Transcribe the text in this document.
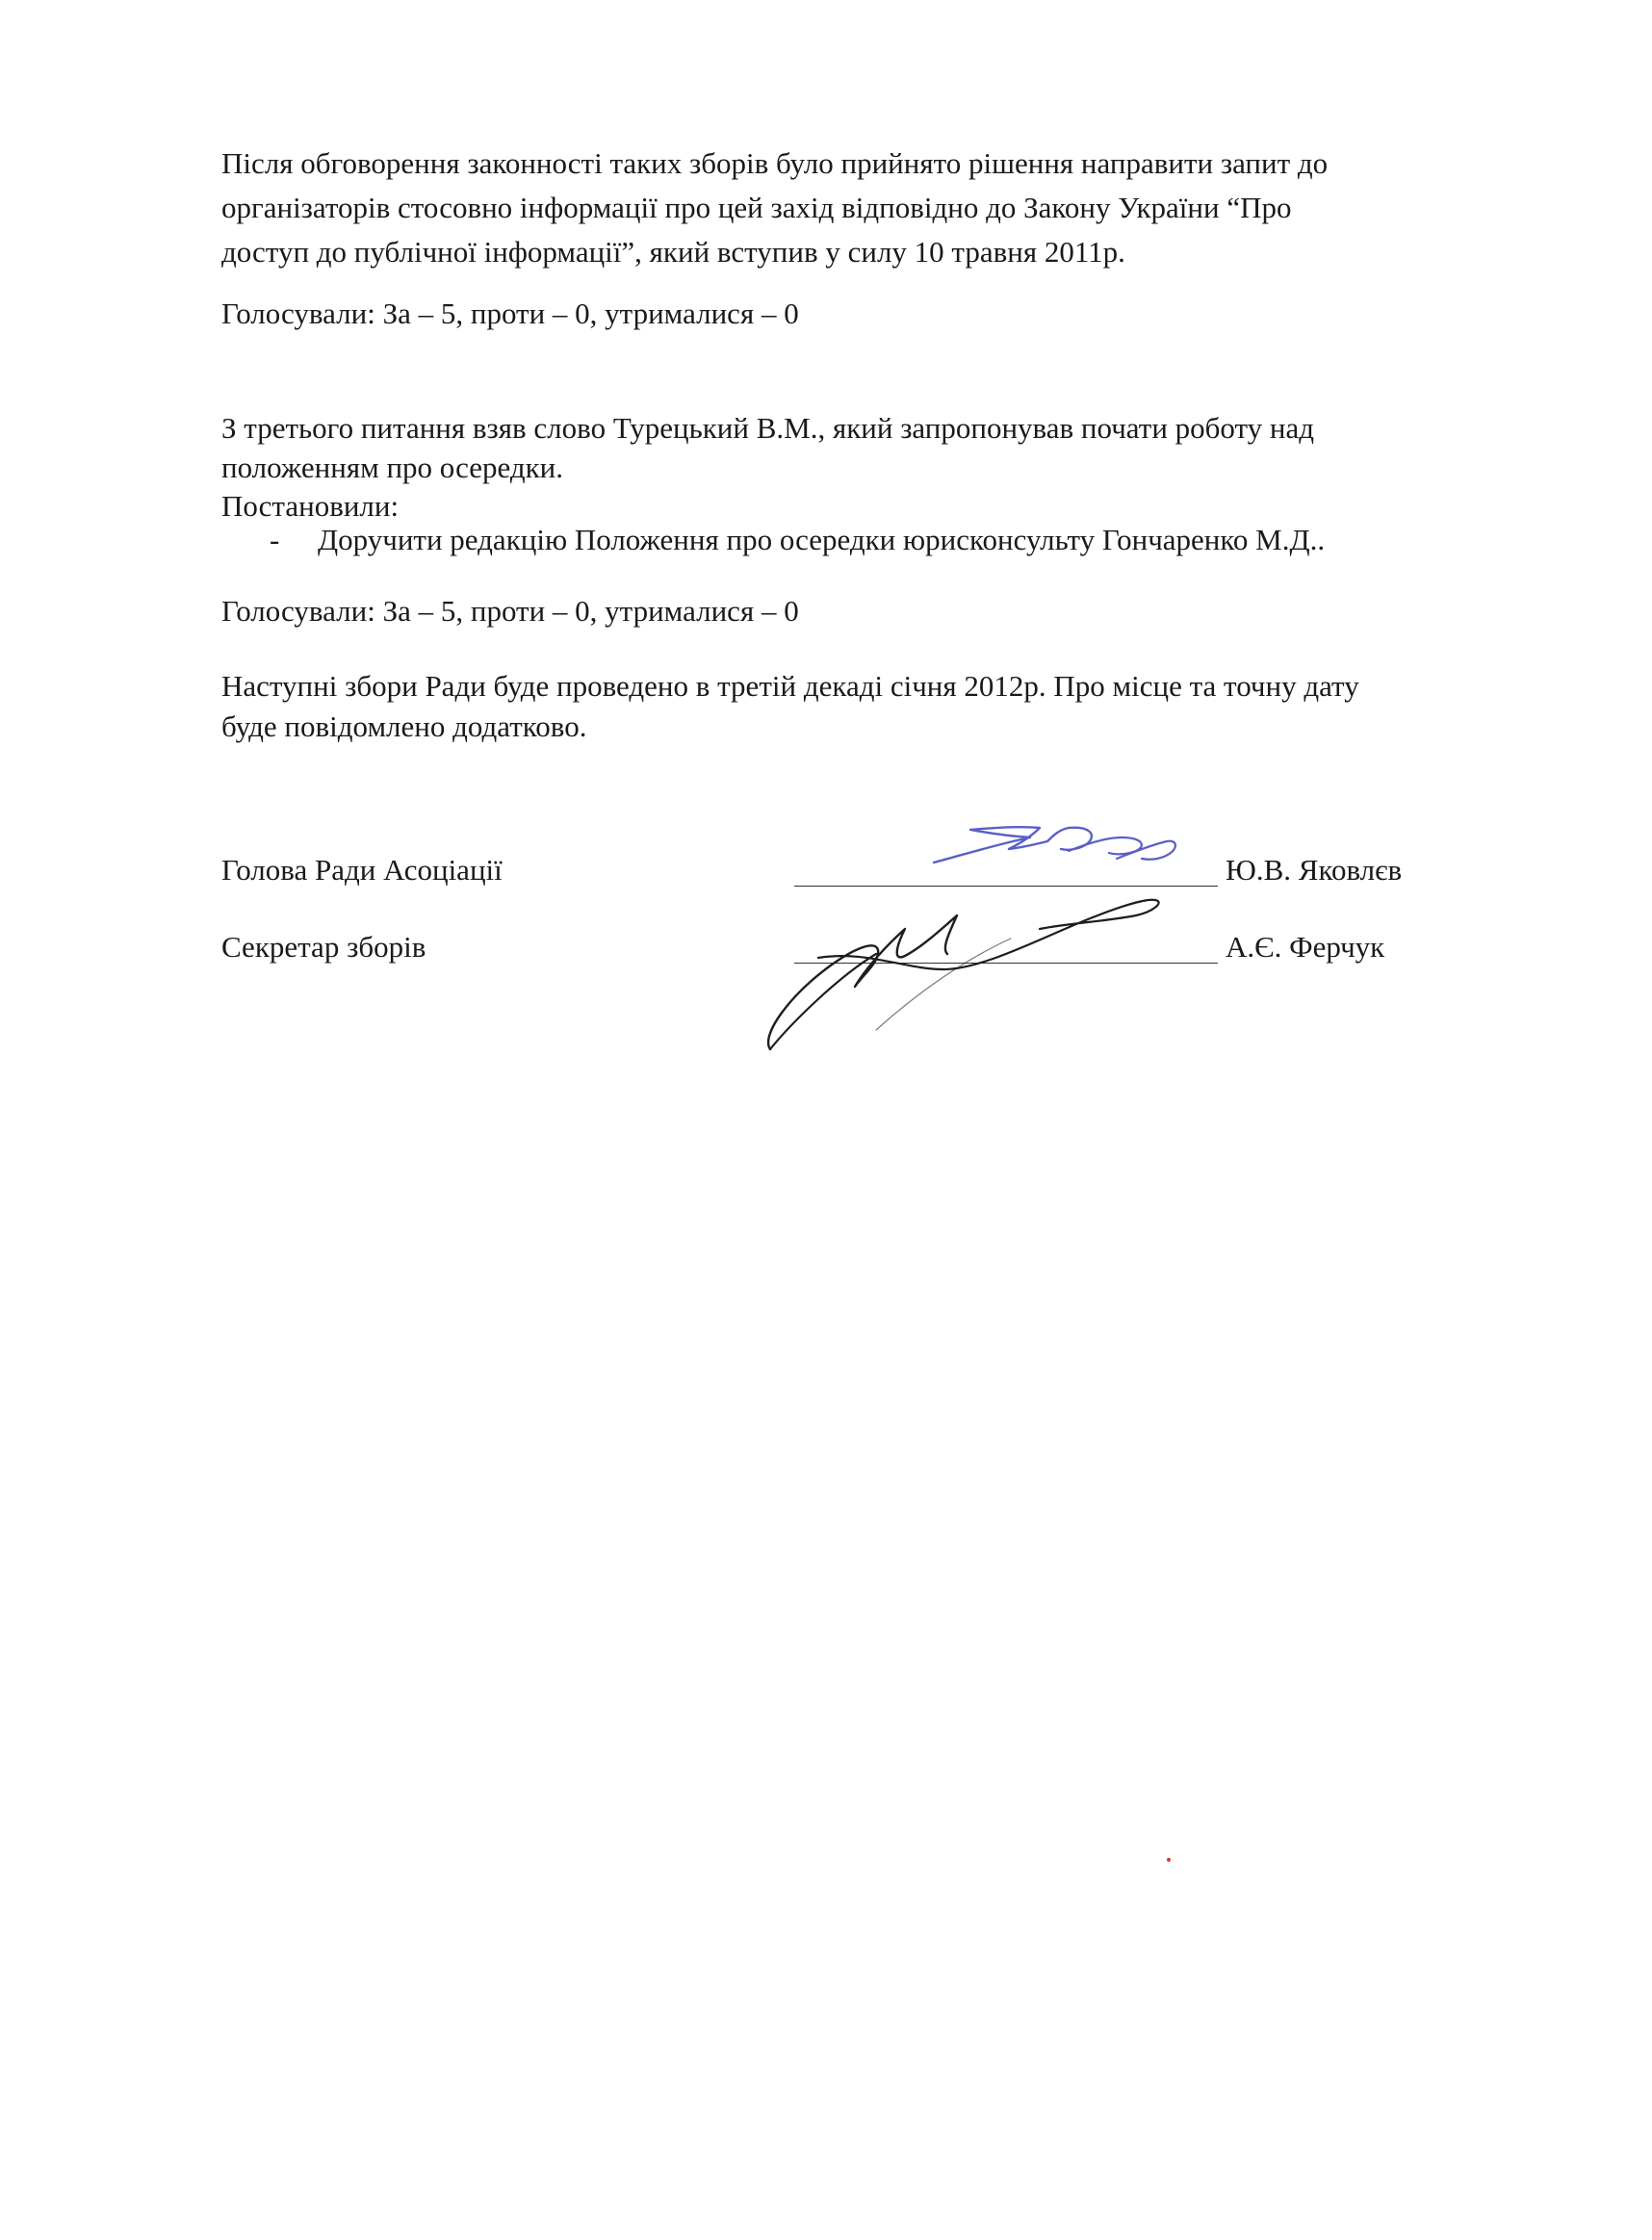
Після обговорення законності таких зборів було прийнято рішення направити запит до
організаторів стосовно інформації про цей захід відповідно до Закону України “Про
доступ до публічної інформації”, який вступив у силу 10 травня 2011р.
Голосували: За – 5, проти – 0, утрималися – 0
З третього питання взяв слово Турецький В.М., який запропонував почати роботу над
положенням про осередки.
Постановили:
- Доручити редакцію Положення про осередки юрисконсульту Гончаренко М.Д..
Голосували: За – 5, проти – 0, утрималися – 0
Наступні збори Ради буде проведено в третій декаді січня 2012р. Про місце та точну дату
буде повідомлено додатково.
Голова Ради Асоціації	Ю.В. Яковлєв
Секретар зборів	А.Є. Ферчук
